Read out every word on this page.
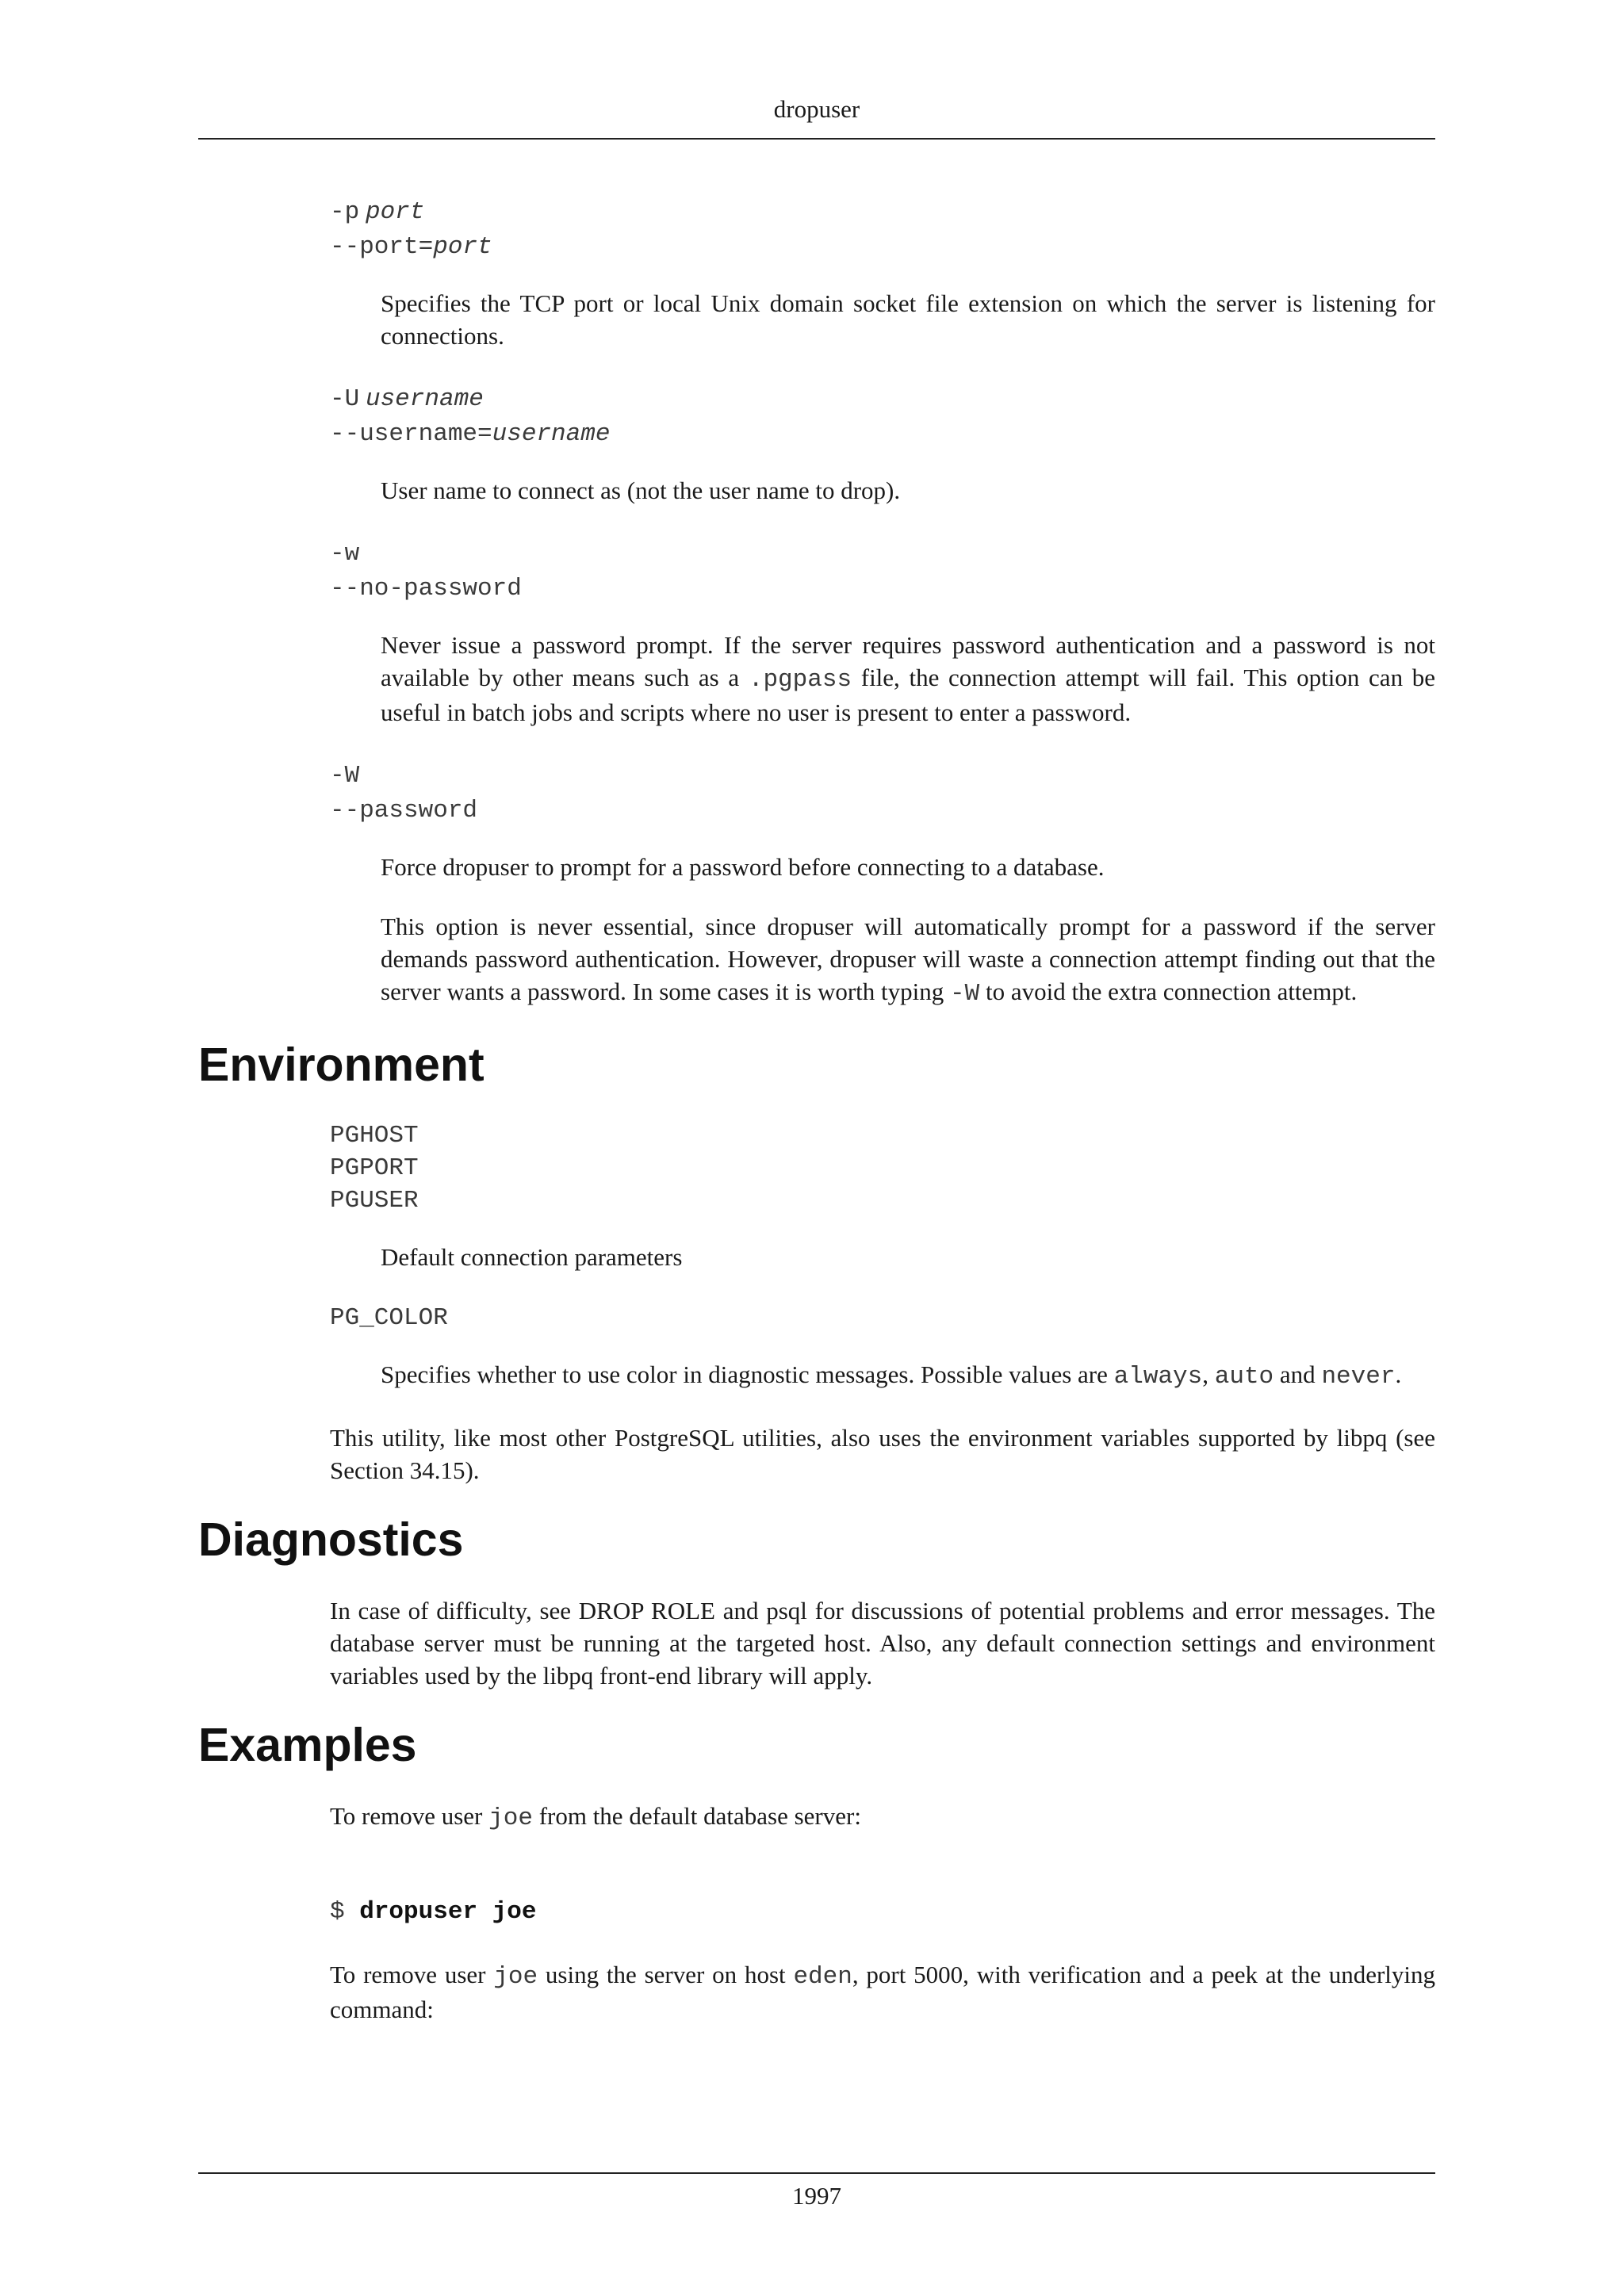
dropuser
-p port
--port=port

Specifies the TCP port or local Unix domain socket file extension on which the server is listening for connections.

-U username
--username=username

User name to connect as (not the user name to drop).

-w
--no-password

Never issue a password prompt. If the server requires password authentication and a password is not available by other means such as a .pgpass file, the connection attempt will fail. This option can be useful in batch jobs and scripts where no user is present to enter a password.

-W
--password

Force dropuser to prompt for a password before connecting to a database.

This option is never essential, since dropuser will automatically prompt for a password if the server demands password authentication. However, dropuser will waste a connection attempt finding out that the server wants a password. In some cases it is worth typing -W to avoid the extra connection attempt.

Environment
PGHOST
PGPORT
PGUSER

Default connection parameters

PG_COLOR

Specifies whether to use color in diagnostic messages. Possible values are always, auto and never.

This utility, like most other PostgreSQL utilities, also uses the environment variables supported by libpq (see Section 34.15).
Diagnostics
In case of difficulty, see DROP ROLE and psql for discussions of potential problems and error messages. The database server must be running at the targeted host. Also, any default connection settings and environment variables used by the libpq front-end library will apply.
Examples
To remove user joe from the default database server:
$ dropuser joe
To remove user joe using the server on host eden, port 5000, with verification and a peek at the underlying command:
1997
